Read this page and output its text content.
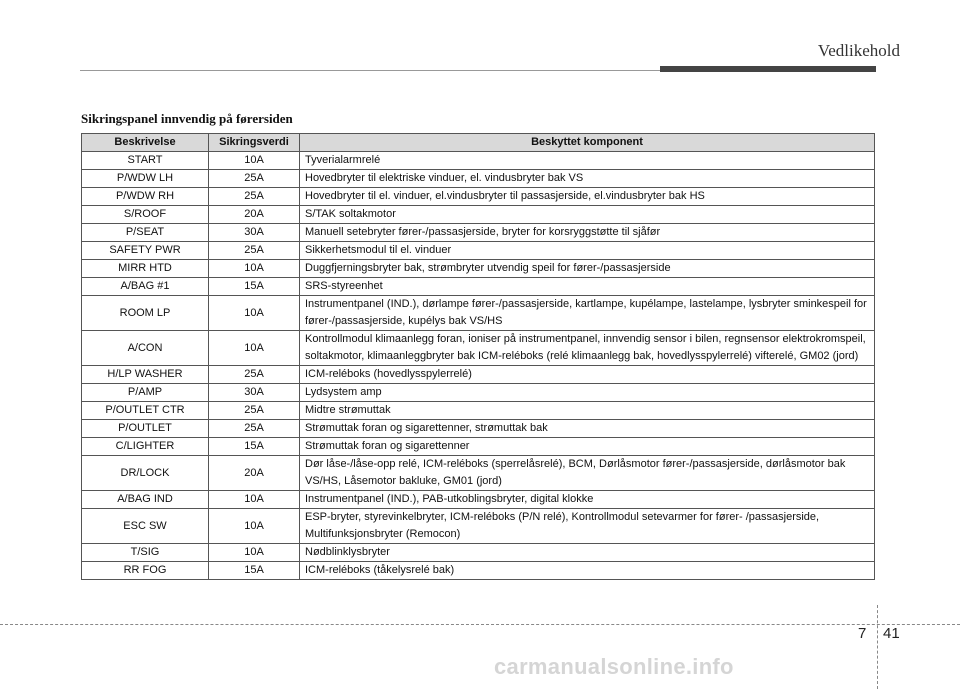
Vedlikehold
Sikringspanel innvendig på førersiden
Beskrivelse	Sikringsverdi	Beskyttet komponent
START	10A	Tyverialarmrelé
P/WDW LH	25A	Hovedbryter til elektriske vinduer, el. vindusbryter bak VS
P/WDW RH	25A	Hovedbryter til el. vinduer, el.vindusbryter til passasjerside, el.vindusbryter bak HS
S/ROOF	20A	S/TAK soltakmotor
P/SEAT	30A	Manuell setebryter fører-/passasjerside, bryter for korsryggstøtte til sjåfør
SAFETY PWR	25A	Sikkerhetsmodul til el. vinduer
MIRR HTD	10A	Duggfjerningsbryter bak, strømbryter utvendig speil for fører-/passasjerside
A/BAG #1	15A	SRS-styreenhet
ROOM LP	10A	Instrumentpanel (IND.), dørlampe fører-/passasjerside, kartlampe, kupélampe, lastelampe, lysbryter sminkespeil for fører-/passasjerside, kupélys bak VS/HS
A/CON	10A	Kontrollmodul klimaanlegg foran, ioniser på instrumentpanel, innvendig sensor i bilen, regnsensor elektrokromspeil, soltakmotor, klimaanleggbryter bak ICM-reléboks (relé klimaanlegg bak, hovedlysspylerrelé) vifterelé, GM02 (jord)
H/LP WASHER	25A	ICM-reléboks (hovedlysspylerrelé)
P/AMP	30A	Lydsystem amp
P/OUTLET CTR	25A	Midtre strømuttak
P/OUTLET	25A	Strømuttak foran og sigarettenner, strømuttak bak
C/LIGHTER	15A	Strømuttak foran og sigarettenner
DR/LOCK	20A	Dør låse-/låse-opp relé, ICM-reléboks (sperrelåsrelé), BCM, Dørlåsmotor fører-/passasjerside, dørlåsmotor bak VS/HS, Låsemotor bakluke, GM01 (jord)
A/BAG IND	10A	Instrumentpanel (IND.), PAB-utkoblingsbryter, digital klokke
ESC SW	10A	ESP-bryter, styrevinkelbryter, ICM-reléboks (P/N relé), Kontrollmodul setevarmer for fører- /passasjerside, Multifunksjonsbryter (Remocon)
T/SIG	10A	Nødblinklysbryter
RR FOG	15A	ICM-reléboks (tåkelysrelé bak)
7 41
carmanualsonline.info
